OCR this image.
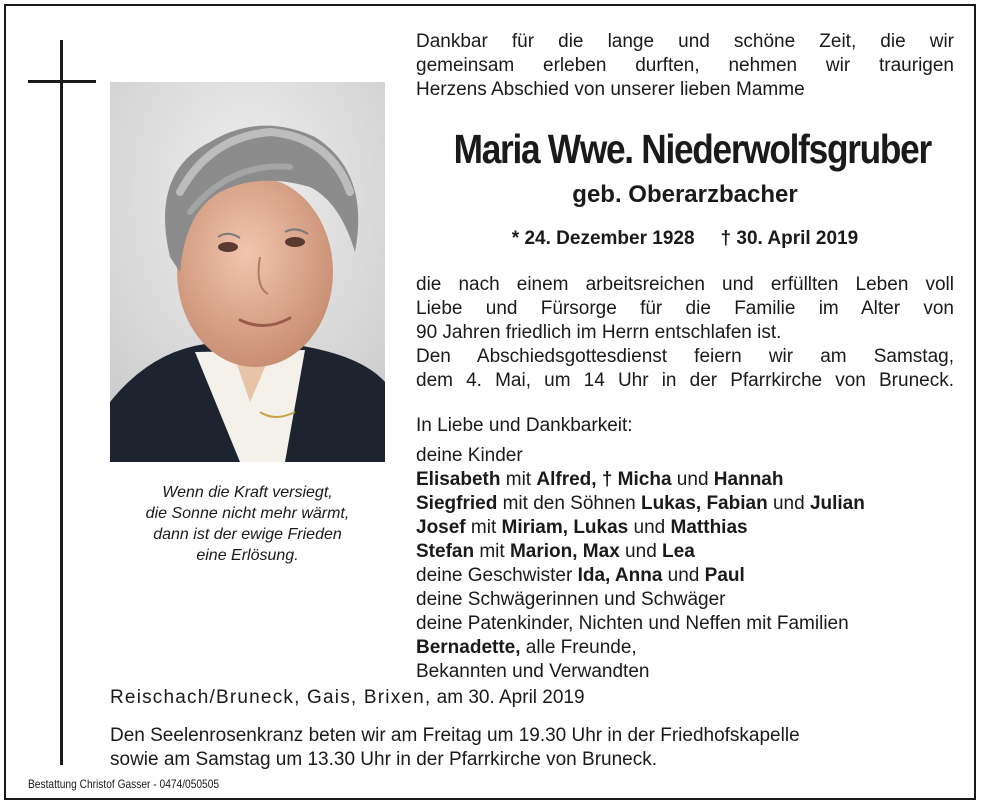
Wenn die Kraft versiegt,
die Sonne nicht mehr wärmt,
dann ist der ewige Frieden
eine Erlösung.
Dankbar für die lange und schöne Zeit, die wir
gemeinsam erleben durften, nehmen wir traurigen
Herzens Abschied von unserer lieben Mamme
Maria Wwe. Niederwolfsgruber
geb. Oberarzbacher
* 24. Dezember 1928 † 30. April 2019
die nach einem arbeitsreichen und erfüllten Leben voll
Liebe und Fürsorge für die Familie im Alter von
90 Jahren friedlich im Herrn entschlafen ist.
Den Abschiedsgottesdienst feiern wir am Samstag,
dem 4. Mai, um 14 Uhr in der Pfarrkirche von Bruneck.
In Liebe und Dankbarkeit:
deine Kinder
Elisabeth mit Alfred, † Micha und Hannah
Siegfried mit den Söhnen Lukas, Fabian und Julian
Josef mit Miriam, Lukas und Matthias
Stefan mit Marion, Max und Lea
deine Geschwister Ida, Anna und Paul
deine Schwägerinnen und Schwäger
deine Patenkinder, Nichten und Neffen mit Familien
Bernadette, alle Freunde,
Bekannten und Verwandten
Reischach/Bruneck, Gais, Brixen, am 30. April 2019
Den Seelenrosenkranz beten wir am Freitag um 19.30 Uhr in der Friedhofskapelle
sowie am Samstag um 13.30 Uhr in der Pfarrkirche von Bruneck.
Bestattung Christof Gasser - 0474/050505
